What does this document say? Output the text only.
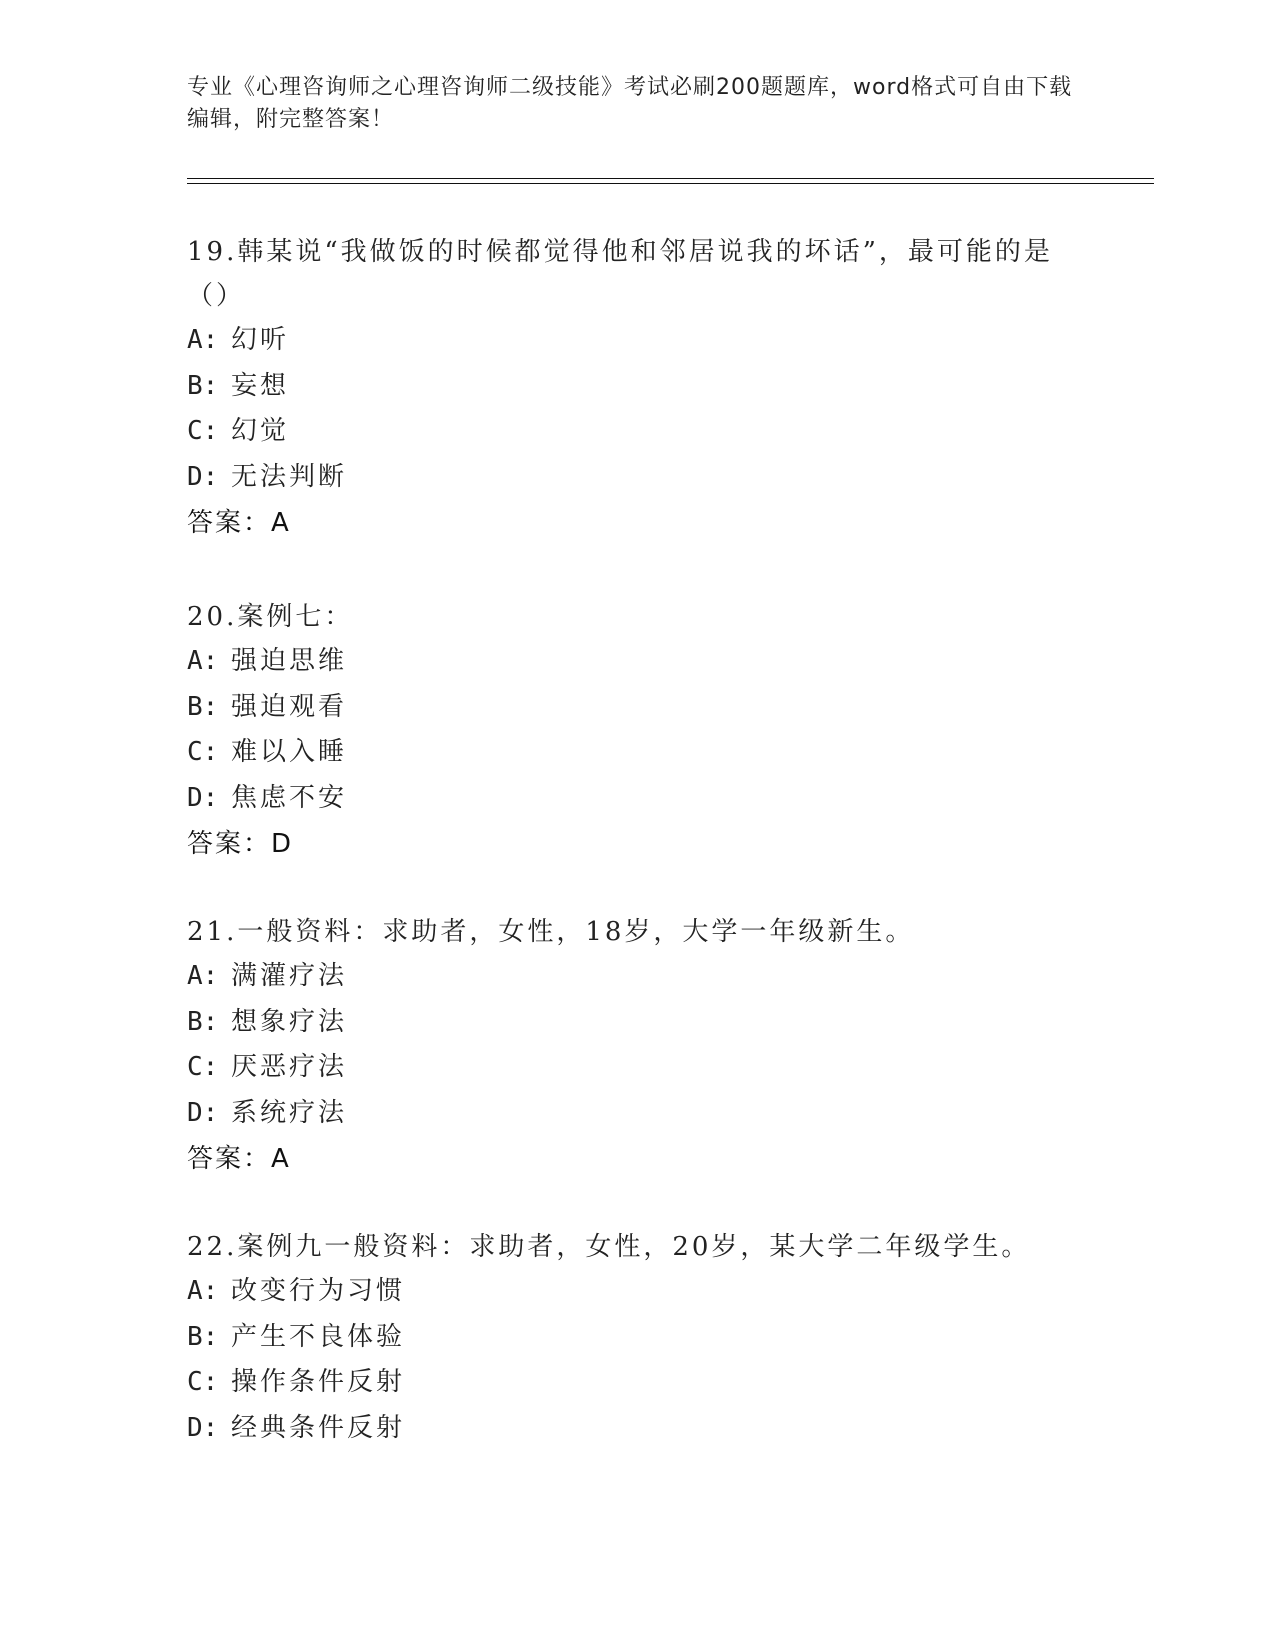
专业《心理咨询师之心理咨询师二级技能》考试必刷200题题库，word格式可自由下载编辑，附完整答案！

19.韩某说“我做饭的时候都觉得他和邻居说我的坏话”，最可能的是（）

A: 幻听

B: 妄想

C: 幻觉

D: 无法判断

答案：A

20.案例七：

A: 强迫思维

B: 强迫观看

C: 难以入睡

D: 焦虑不安

答案：D

21.一般资料：求助者，女性，18岁，大学一年级新生。

A: 满灌疗法

B: 想象疗法

C: 厌恶疗法

D: 系统疗法

答案：A

22.案例九一般资料：求助者，女性，20岁，某大学二年级学生。

A: 改变行为习惯

B: 产生不良体验

C: 操作条件反射

D: 经典条件反射
